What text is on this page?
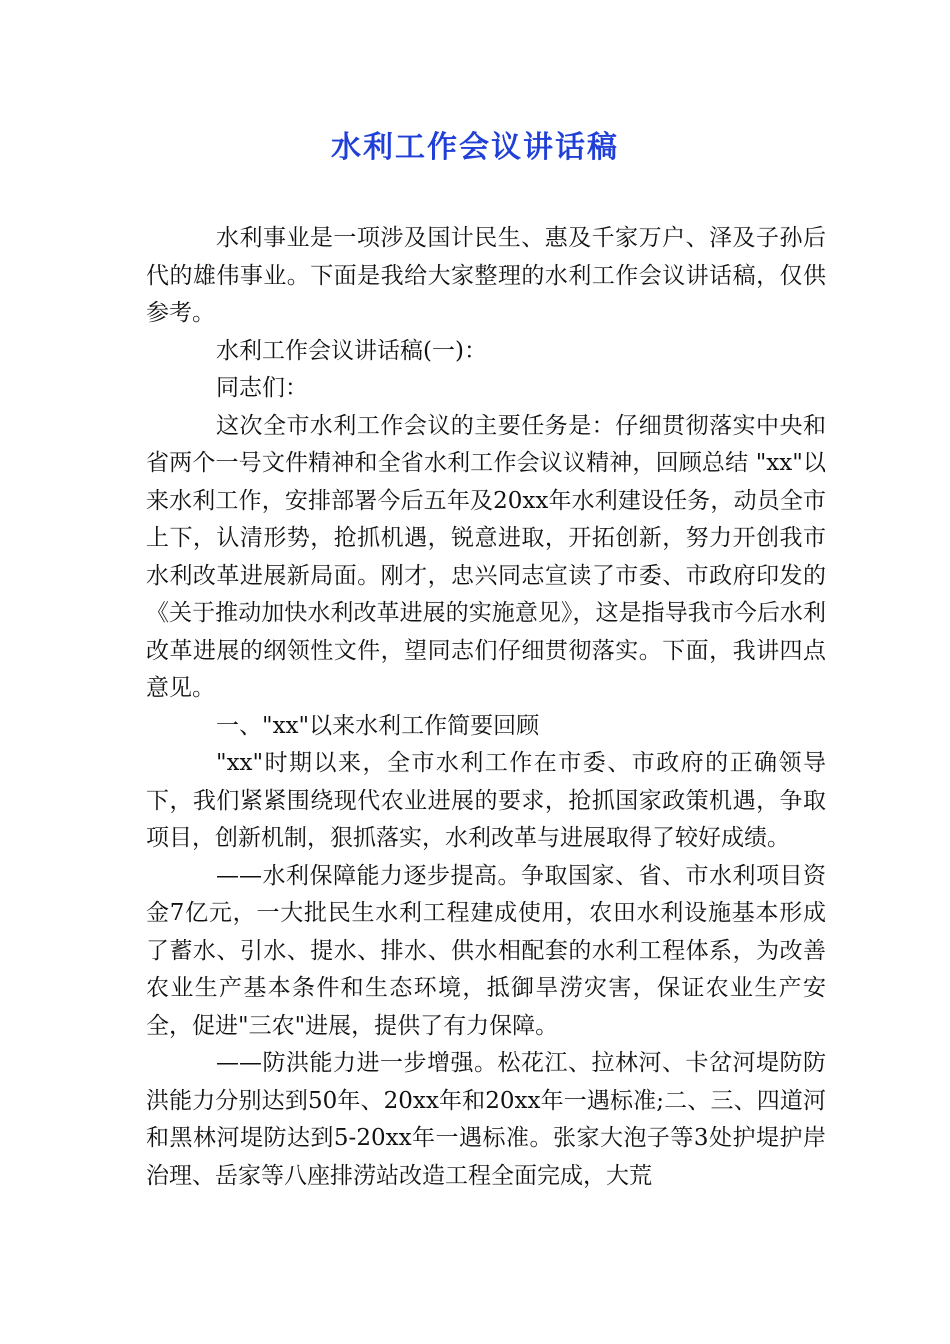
水利工作会议讲话稿

水利事业是一项涉及国计民生、惠及千家万户、泽及子孙后代的雄伟事业。下面是我给大家整理的水利工作会议讲话稿，仅供参考。

水利工作会议讲话稿(一)：

同志们：

这次全市水利工作会议的主要任务是：仔细贯彻落实中央和省两个一号文件精神和全省水利工作会议议精神，回顾总结 "xx"以来水利工作，安排部署今后五年及20xx年水利建设任务，动员全市上下，认清形势，抢抓机遇，锐意进取，开拓创新，努力开创我市水利改革进展新局面。刚才，忠兴同志宣读了市委、市政府印发的《关于推动加快水利改革进展的实施意见》，这是指导我市今后水利改革进展的纲领性文件，望同志们仔细贯彻落实。下面，我讲四点意见。

一、"xx"以来水利工作简要回顾

"xx"时期以来，全市水利工作在市委、市政府的正确领导下，我们紧紧围绕现代农业进展的要求，抢抓国家政策机遇，争取项目，创新机制，狠抓落实，水利改革与进展取得了较好成绩。

——水利保障能力逐步提高。争取国家、省、市水利项目资金7亿元，一大批民生水利工程建成使用，农田水利设施基本形成了蓄水、引水、提水、排水、供水相配套的水利工程体系，为改善农业生产基本条件和生态环境，抵御旱涝灾害，保证农业生产安全，促进"三农"进展，提供了有力保障。

——防洪能力进一步增强。松花江、拉林河、卡岔河堤防防洪能力分别达到50年、20xx年和20xx年一遇标准;二、三、四道河和黑林河堤防达到5-20xx年一遇标准。张家大泡子等3处护堤护岸治理、岳家等八座排涝站改造工程全面完成，大荒
